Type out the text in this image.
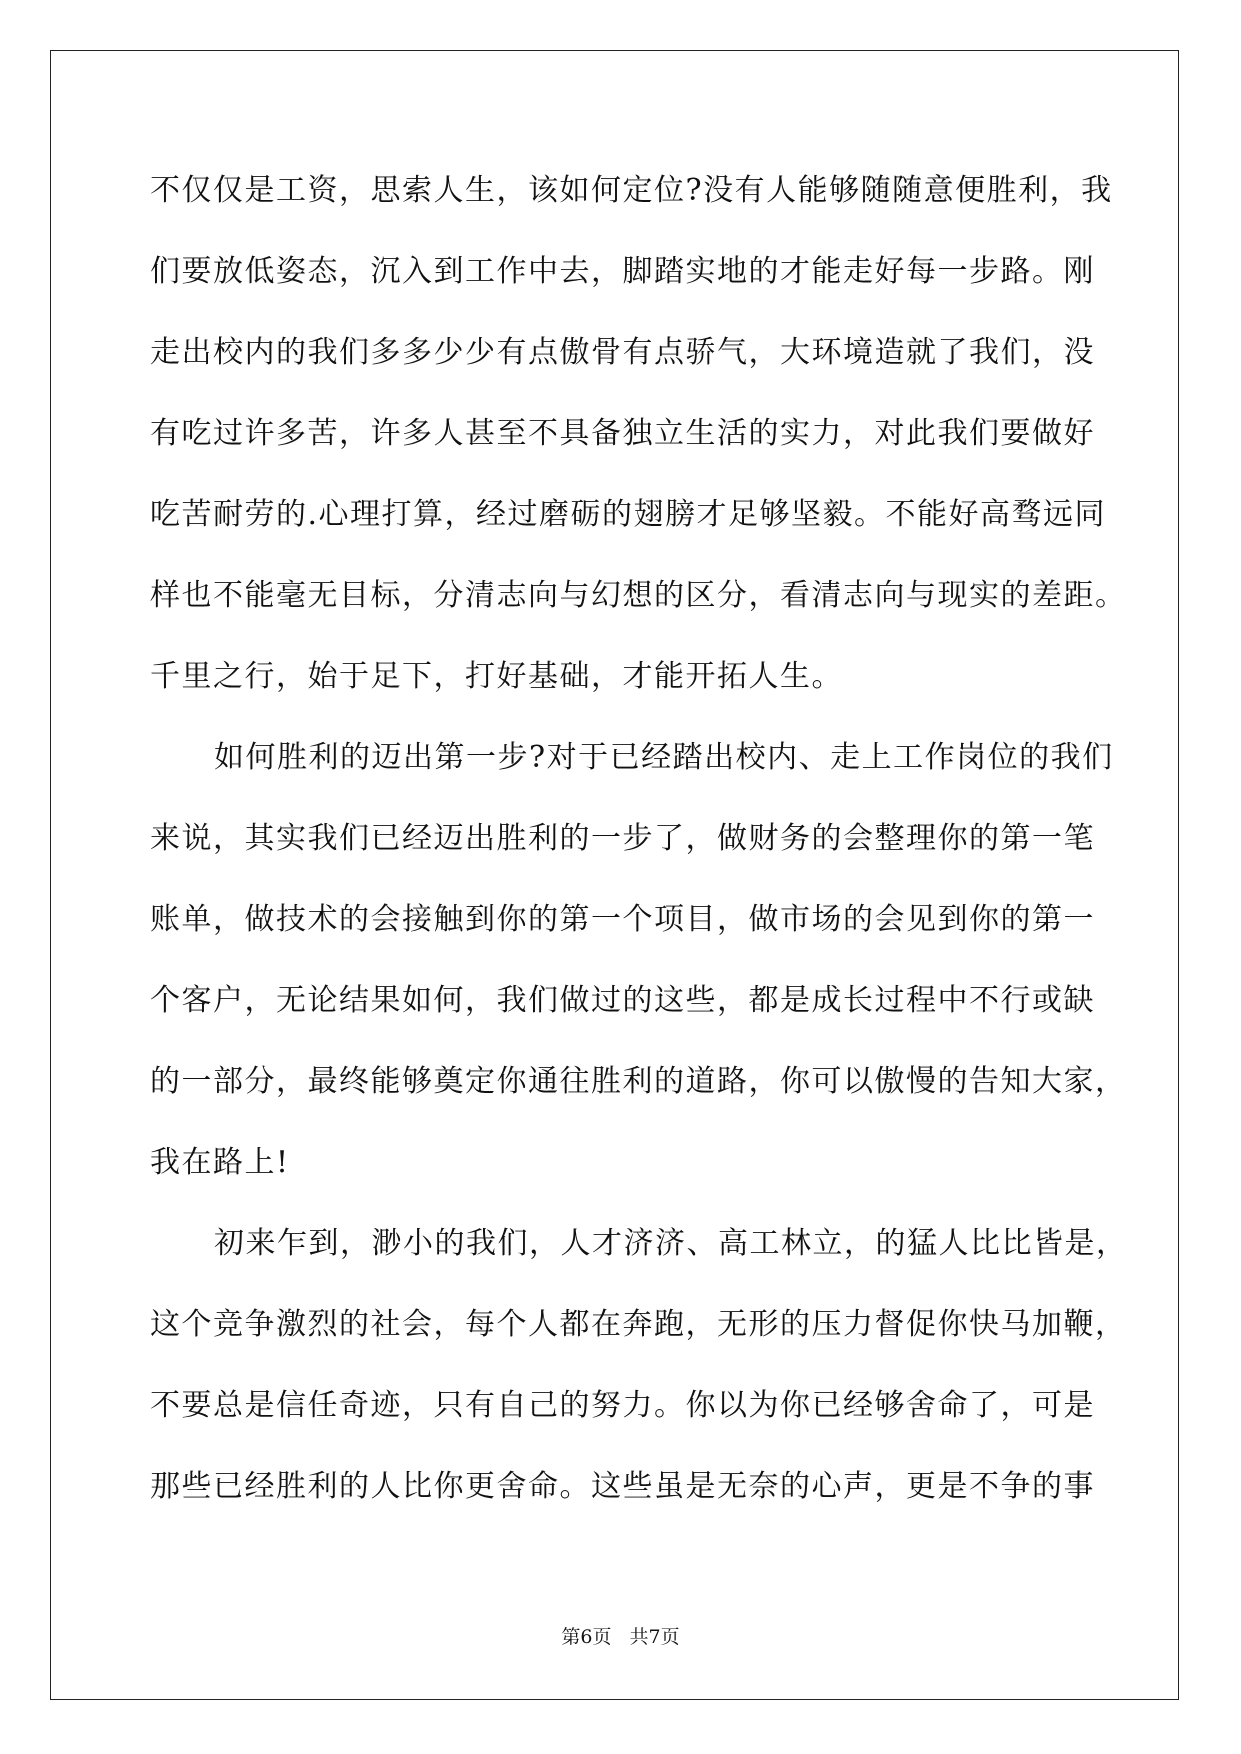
不仅仅是工资，思索人生，该如何定位?没有人能够随随意便胜利，我
们要放低姿态，沉入到工作中去，脚踏实地的才能走好每一步路。刚
走出校内的我们多多少少有点傲骨有点骄气，大环境造就了我们，没
有吃过许多苦，许多人甚至不具备独立生活的实力，对此我们要做好
吃苦耐劳的.心理打算，经过磨砺的翅膀才足够坚毅。不能好高骛远同
样也不能毫无目标，分清志向与幻想的区分，看清志向与现实的差距。
千里之行，始于足下，打好基础，才能开拓人生。
如何胜利的迈出第一步?对于已经踏出校内、走上工作岗位的我们
来说，其实我们已经迈出胜利的一步了，做财务的会整理你的第一笔
账单，做技术的会接触到你的第一个项目，做市场的会见到你的第一
个客户，无论结果如何，我们做过的这些，都是成长过程中不行或缺
的一部分，最终能够奠定你通往胜利的道路，你可以傲慢的告知大家，
我在路上!
初来乍到，渺小的我们，人才济济、高工林立，的猛人比比皆是，
这个竞争激烈的社会，每个人都在奔跑，无形的压力督促你快马加鞭，
不要总是信任奇迹，只有自己的努力。你以为你已经够舍命了，可是
那些已经胜利的人比你更舍命。这些虽是无奈的心声，更是不争的事
第6页 共7页
